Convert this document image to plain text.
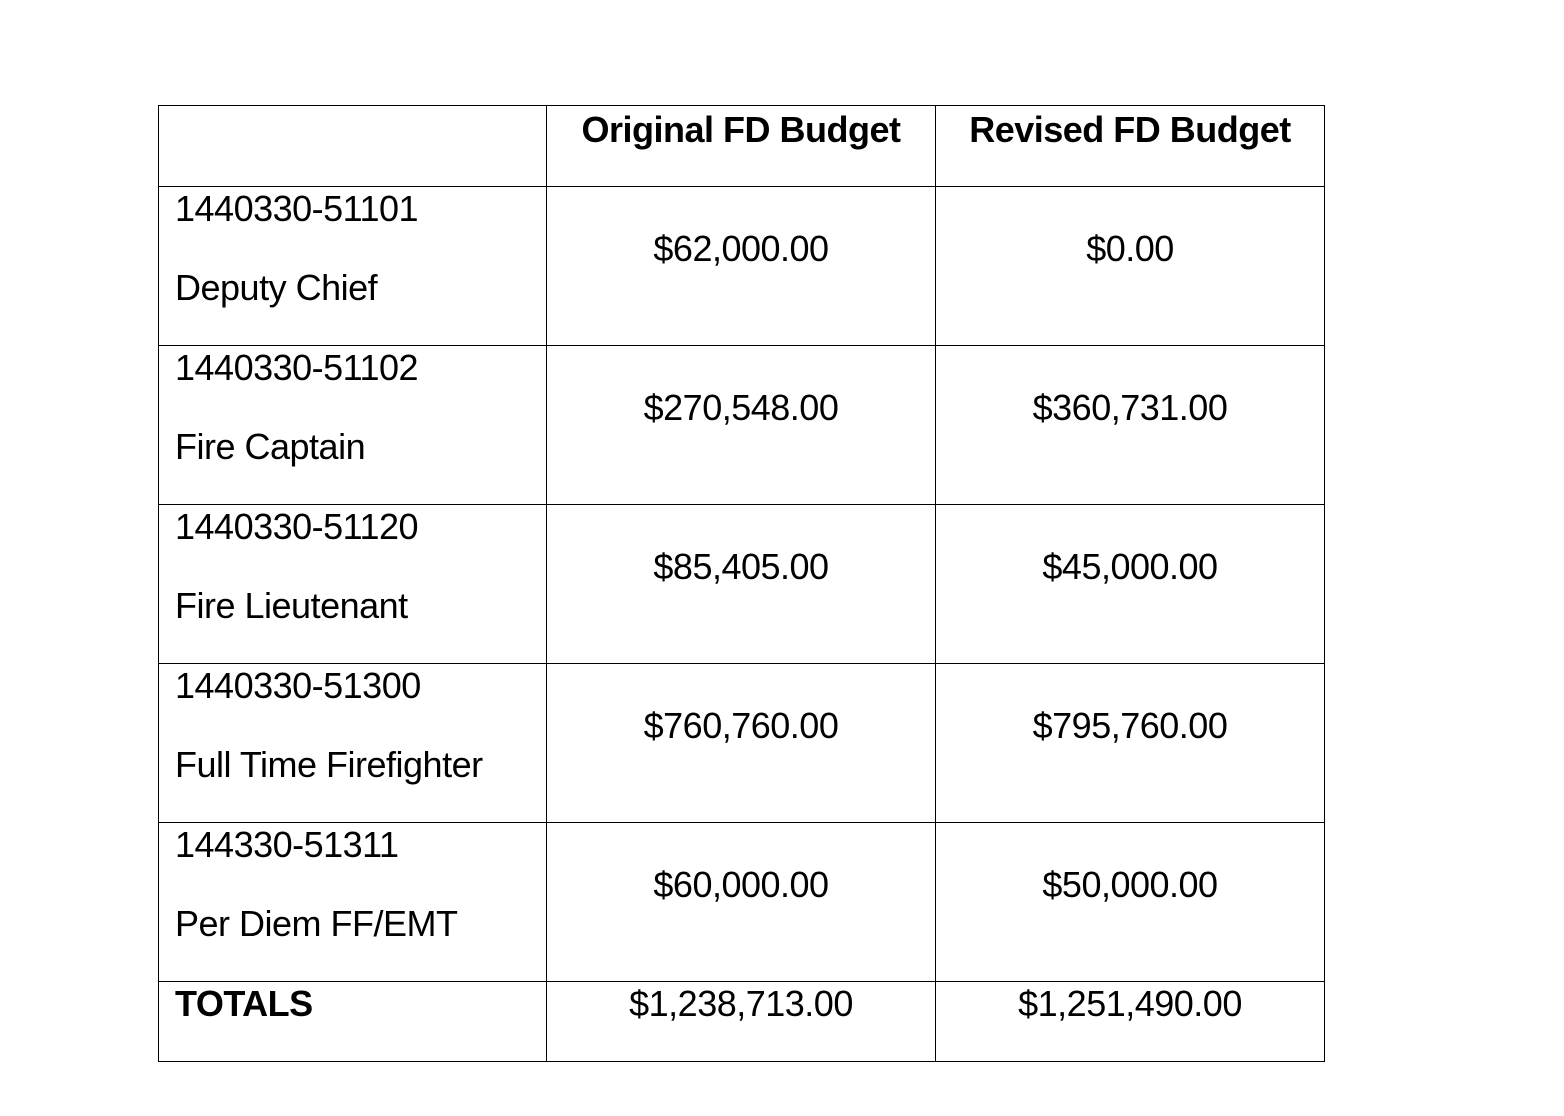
	Original FD Budget	Revised FD Budget

1440330-51101
Deputy Chief	$62,000.00	$0.00

1440330-51102
Fire Captain	$270,548.00	$360,731.00

1440330-51120
Fire Lieutenant	$85,405.00	$45,000.00

1440330-51300
Full Time Firefighter	$760,760.00	$795,760.00

144330-51311
Per Diem FF/EMT	$60,000.00	$50,000.00

TOTALS	$1,238,713.00	$1,251,490.00
